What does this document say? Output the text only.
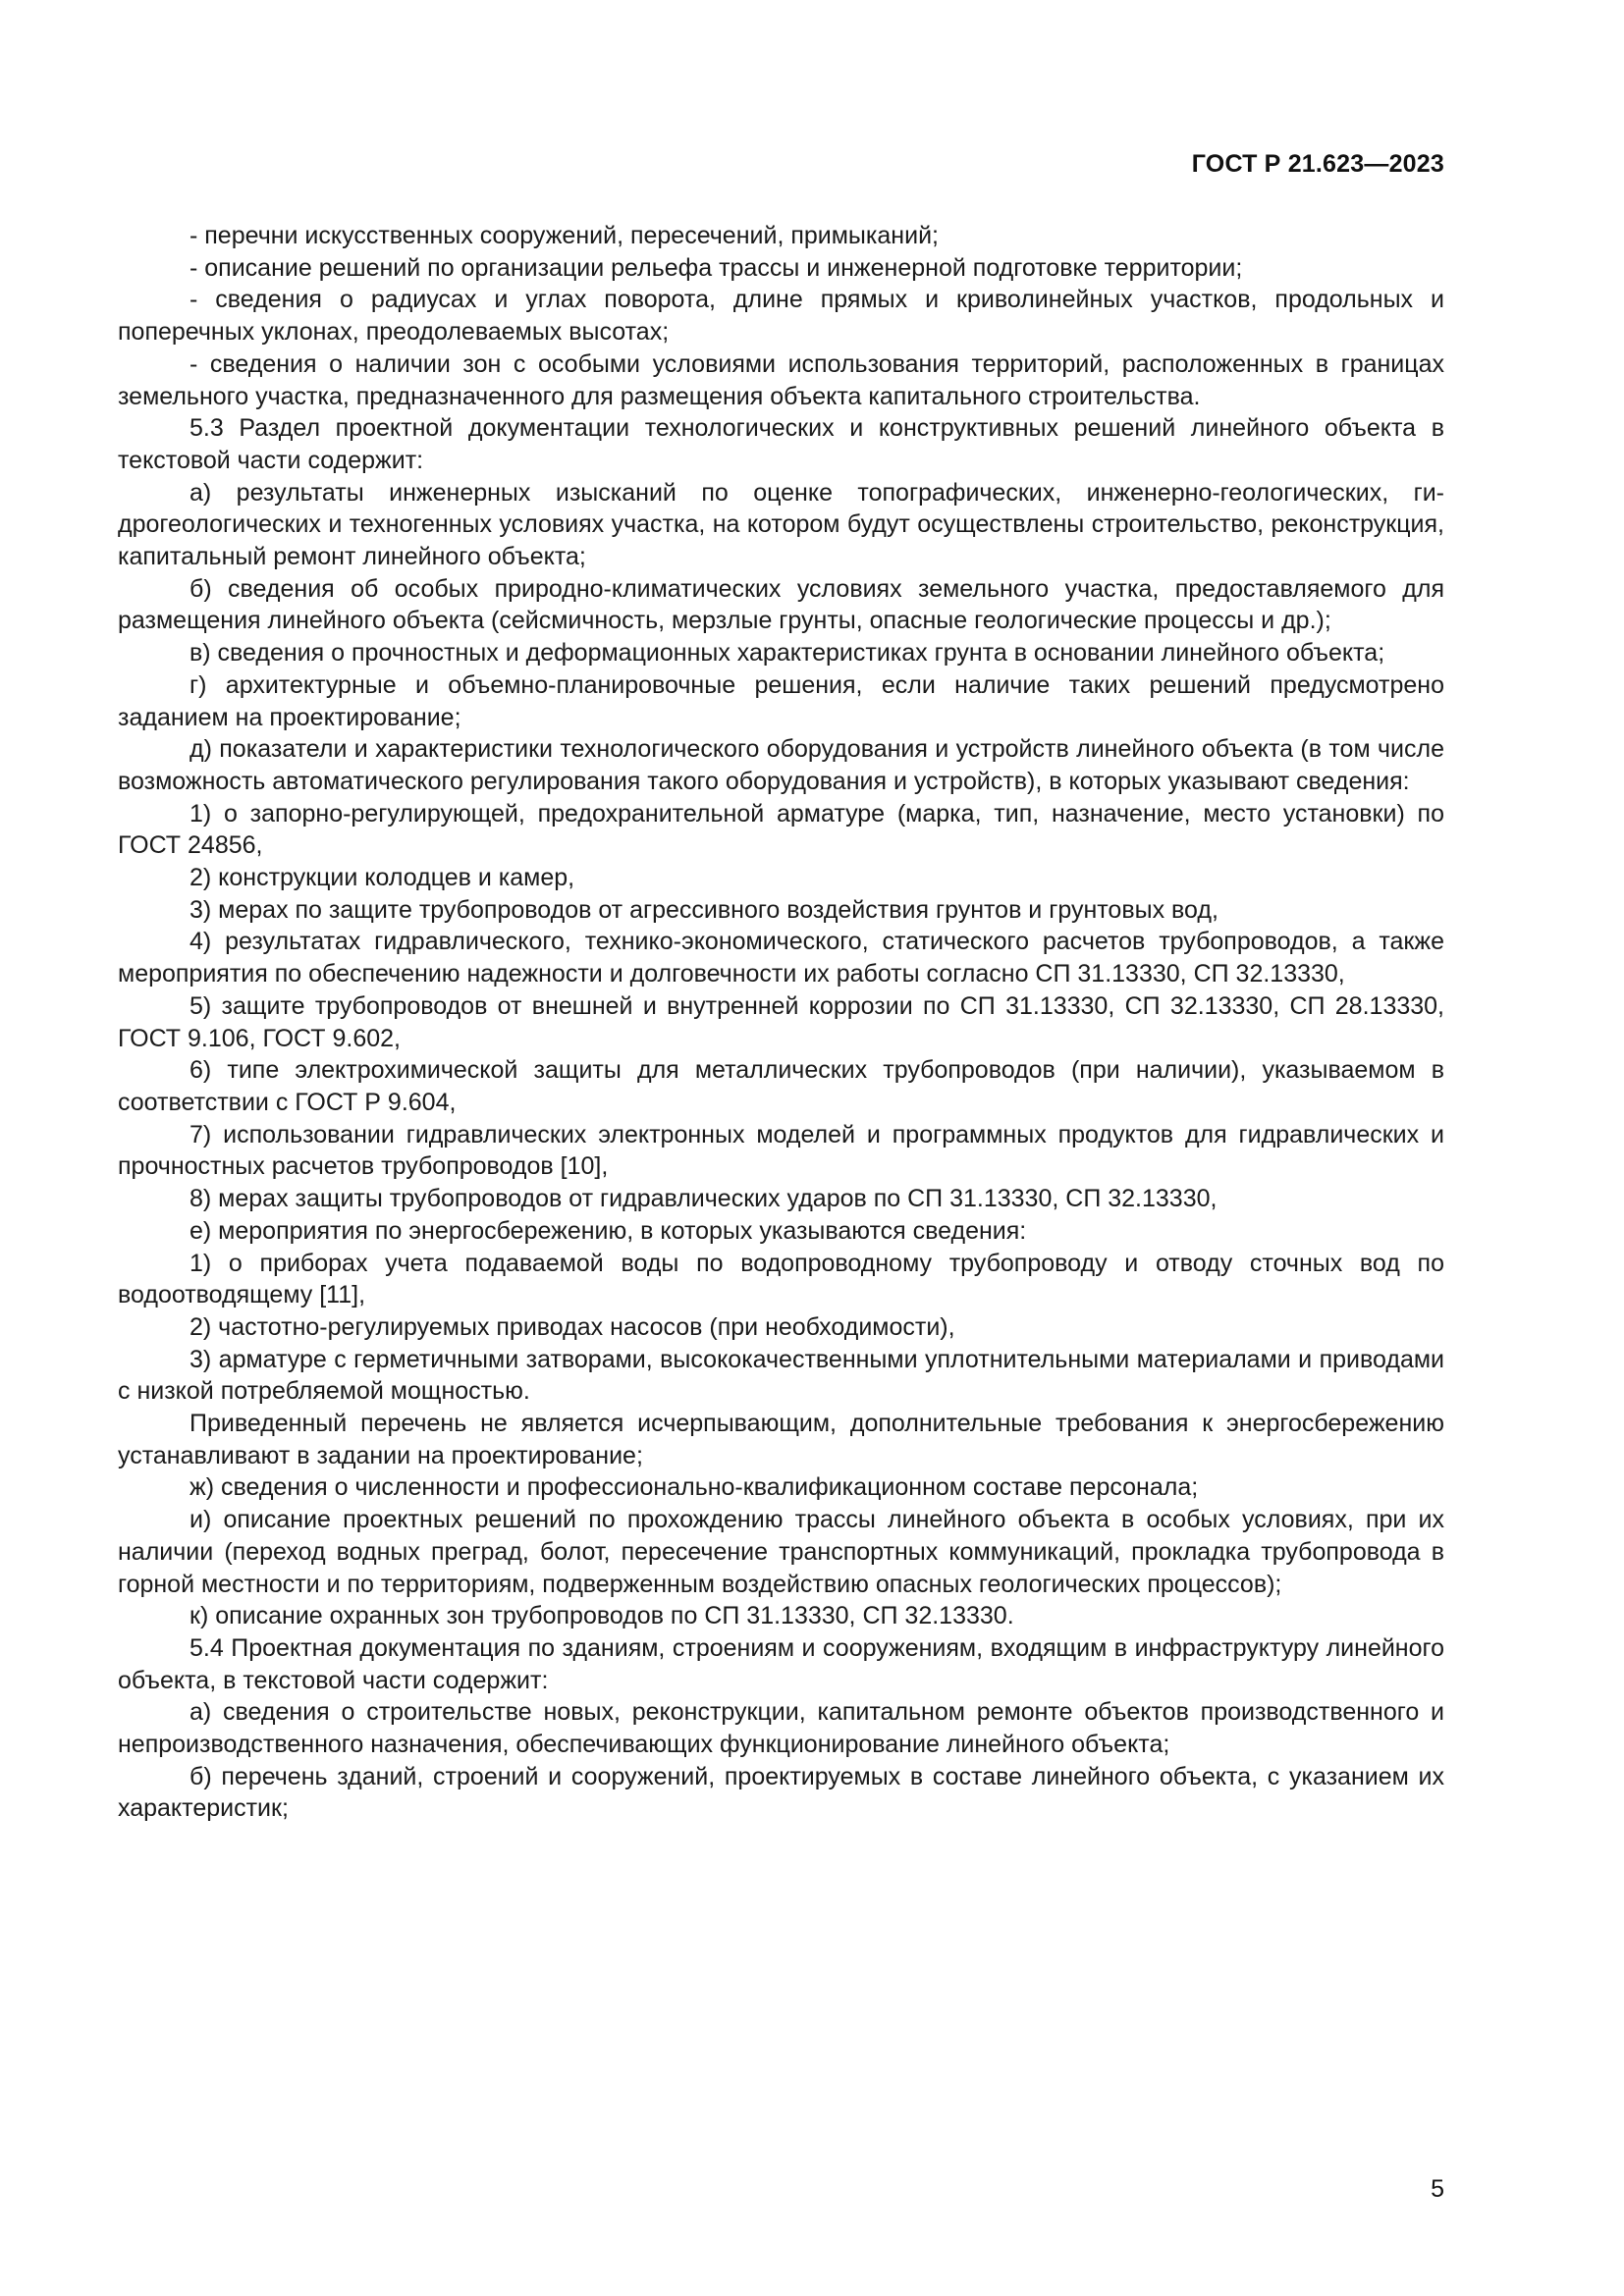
ГОСТ Р 21.623—2023

- перечни искусственных сооружений, пересечений, примыканий;

- описание решений по организации рельефа трассы и инженерной подготовке территории;

- сведения о радиусах и углах поворота, длине прямых и криволинейных участков, продольных и поперечных уклонах, преодолеваемых высотах;

- сведения о наличии зон с особыми условиями использования территорий, расположенных в границах земельного участка, предназначенного для размещения объекта капитального строительства.

5.3 Раздел проектной документации технологических и конструктивных решений линейного объекта в текстовой части содержит:

а) результаты инженерных изысканий по оценке топографических, инженерно-геологических, гидрогеологических и техногенных условиях участка, на котором будут осуществлены строительство, реконструкция, капитальный ремонт линейного объекта;

б) сведения об особых природно-климатических условиях земельного участка, предоставляемого для размещения линейного объекта (сейсмичность, мерзлые грунты, опасные геологические процессы и др.);

в) сведения о прочностных и деформационных характеристиках грунта в основании линейного объекта;

г) архитектурные и объемно-планировочные решения, если наличие таких решений предусмотрено заданием на проектирование;

д) показатели и характеристики технологического оборудования и устройств линейного объекта (в том числе возможность автоматического регулирования такого оборудования и устройств), в которых указывают сведения:

1) о запорно-регулирующей, предохранительной арматуре (марка, тип, назначение, место установки) по ГОСТ 24856,

2) конструкции колодцев и камер,

3) мерах по защите трубопроводов от агрессивного воздействия грунтов и грунтовых вод,

4) результатах гидравлического, технико-экономического, статического расчетов трубопроводов, а также мероприятия по обеспечению надежности и долговечности их работы согласно СП 31.13330, СП 32.13330,

5) защите трубопроводов от внешней и внутренней коррозии по СП 31.13330, СП 32.13330, СП 28.13330, ГОСТ 9.106, ГОСТ 9.602,

6) типе электрохимической защиты для металлических трубопроводов (при наличии), указываемом в соответствии с ГОСТ Р 9.604,

7) использовании гидравлических электронных моделей и программных продуктов для гидравлических и прочностных расчетов трубопроводов [10],

8) мерах защиты трубопроводов от гидравлических ударов по СП 31.13330, СП 32.13330,

е) мероприятия по энергосбережению, в которых указываются сведения:

1) о приборах учета подаваемой воды по водопроводному трубопроводу и отводу сточных вод по водоотводящему [11],

2) частотно-регулируемых приводах насосов (при необходимости),

3) арматуре с герметичными затворами, высококачественными уплотнительными материалами и приводами с низкой потребляемой мощностью.

Приведенный перечень не является исчерпывающим, дополнительные требования к энергосбережению устанавливают в задании на проектирование;

ж) сведения о численности и профессионально-квалификационном составе персонала;

и) описание проектных решений по прохождению трассы линейного объекта в особых условиях, при их наличии (переход водных преград, болот, пересечение транспортных коммуникаций, прокладка трубопровода в горной местности и по территориям, подверженным воздействию опасных геологических процессов);

к) описание охранных зон трубопроводов по СП 31.13330, СП 32.13330.

5.4 Проектная документация по зданиям, строениям и сооружениям, входящим в инфраструктуру линейного объекта, в текстовой части содержит:

а) сведения о строительстве новых, реконструкции, капитальном ремонте объектов производственного и непроизводственного назначения, обеспечивающих функционирование линейного объекта;

б) перечень зданий, строений и сооружений, проектируемых в составе линейного объекта, с указанием их характеристик;

5
